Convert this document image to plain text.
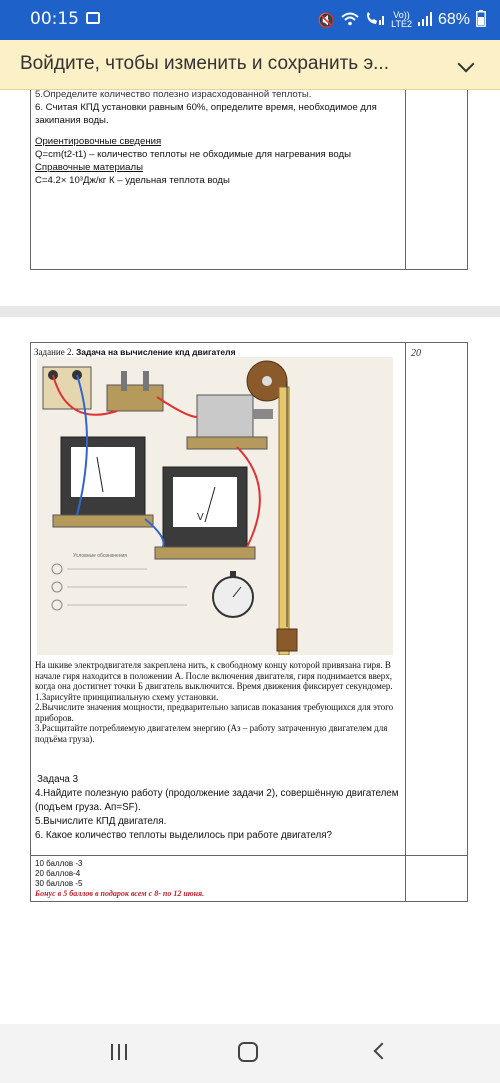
00:15	🔇	Vo))
LTE2 68%
Войдите, чтобы изменить и сохранить э...
5.Определите количество полезно израсходованной теплоты.
6. Считая КПД установки равным 60%, определите время, необходимое для закипания воды.
Ориентировочные сведения
Q=cm(t2-t1) – количество теплоты не обходимые для нагревания воды
Справочные материалы
С=4.2× 10³Дж/кг К – удельная теплота воды
20
Задание 2. Задача на вычисление кпд двигателя
V
Условные обозначения
На шкиве электродвигателя закреплена нить, к свободному концу которой привязана гиря. В начале гиря находится в положении А. После включения двигателя, гиря поднимается вверх, когда она достигнет точки Б двигатель выключится. Время движения фиксирует секундомер.
1.Зарисуйте принципиальную схему установки.
2.Вычислите значения мощности, предварительно записав показания требующихся для этого приборов.
3.Расщитайте потребляемую двигателем энергию (Аз – работу затраченную двигателем для подъёма груза).
Задача 3
4.Найдите полезную работу (продолжение задачи 2), совершённую двигателем (подъем груза. Ап=SF).
5.Вычислите КПД двигателя.
6. Какое количество теплоты выделилось при работе двигателя?
10 баллов -3
20 баллов-4
30 баллов -5
Бонус в 5 баллов в подарок всем с 8- по 12 июня.
